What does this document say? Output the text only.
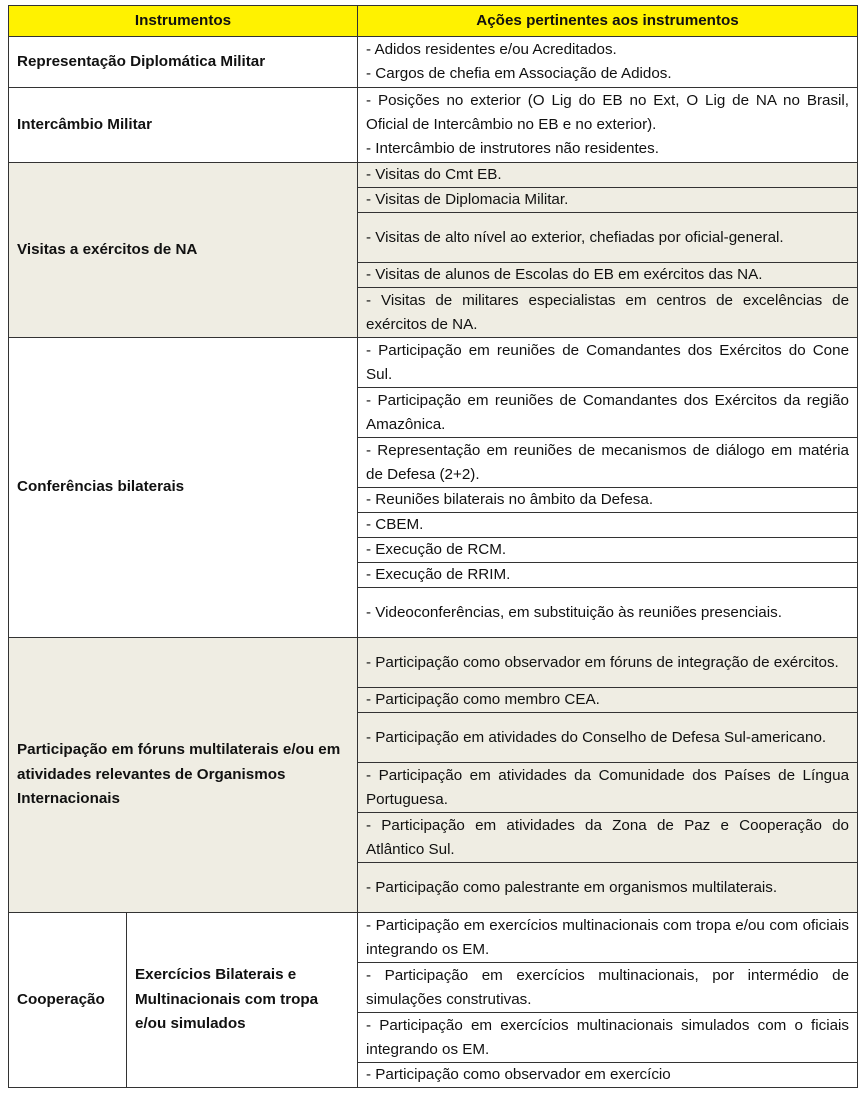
Instrumentos		Ações pertinentes aos instrumentos
Representação Diplomática Militar		- Adidos residentes e/ou Acreditados.
- Cargos de chefia em Associação de Adidos.

Intercâmbio Militar		- Posições no exterior (O Lig do EB no Ext, O Lig de NA no Brasil, Oficial de Intercâmbio no EB e no exterior).
- Intercâmbio de instrutores não residentes.

Visitas a exércitos de NA		- Visitas do Cmt EB.
		- Visitas de Diplomacia Militar.
		- Visitas de alto nível ao exterior, chefiadas por oficial-general.
		- Visitas de alunos de Escolas do EB em exércitos das NA.
		- Visitas de militares especialistas em centros de excelências de exércitos de NA.
Conferências bilaterais		- Participação em reuniões de Comandantes dos Exércitos do Cone Sul.
		- Participação em reuniões de Comandantes dos Exércitos da região Amazônica.
		- Representação em reuniões de mecanismos de diálogo em matéria de Defesa (2+2).
		- Reuniões bilaterais no âmbito da Defesa.
		- CBEM.
		- Execução de RCM.
		- Execução de RRIM.
		- Videoconferências, em substituição às reuniões presenciais.
Participação em fóruns multilaterais e/ou em atividades relevantes de Organismos Internacionais		- Participação como observador em fóruns de integração de exércitos.
		- Participação como membro CEA.
		- Participação em atividades do Conselho de Defesa Sul-americano.
		- Participação em atividades da Comunidade dos Países de Língua Portuguesa.
		- Participação em atividades da Zona de Paz e Cooperação do Atlântico Sul.
		- Participação como palestrante em organismos multilaterais.
Cooperação	Exercícios Bilaterais e Multinacionais com tropa e/ou simulados	- Participação em exercícios multinacionais com tropa e/ou com oficiais integrando os EM.
		- Participação em exercícios multinacionais, por intermédio de simulações construtivas.
		- Participação em exercícios multinacionais simulados com o ficiais integrando os EM.
		- Participação como observador em exercício
